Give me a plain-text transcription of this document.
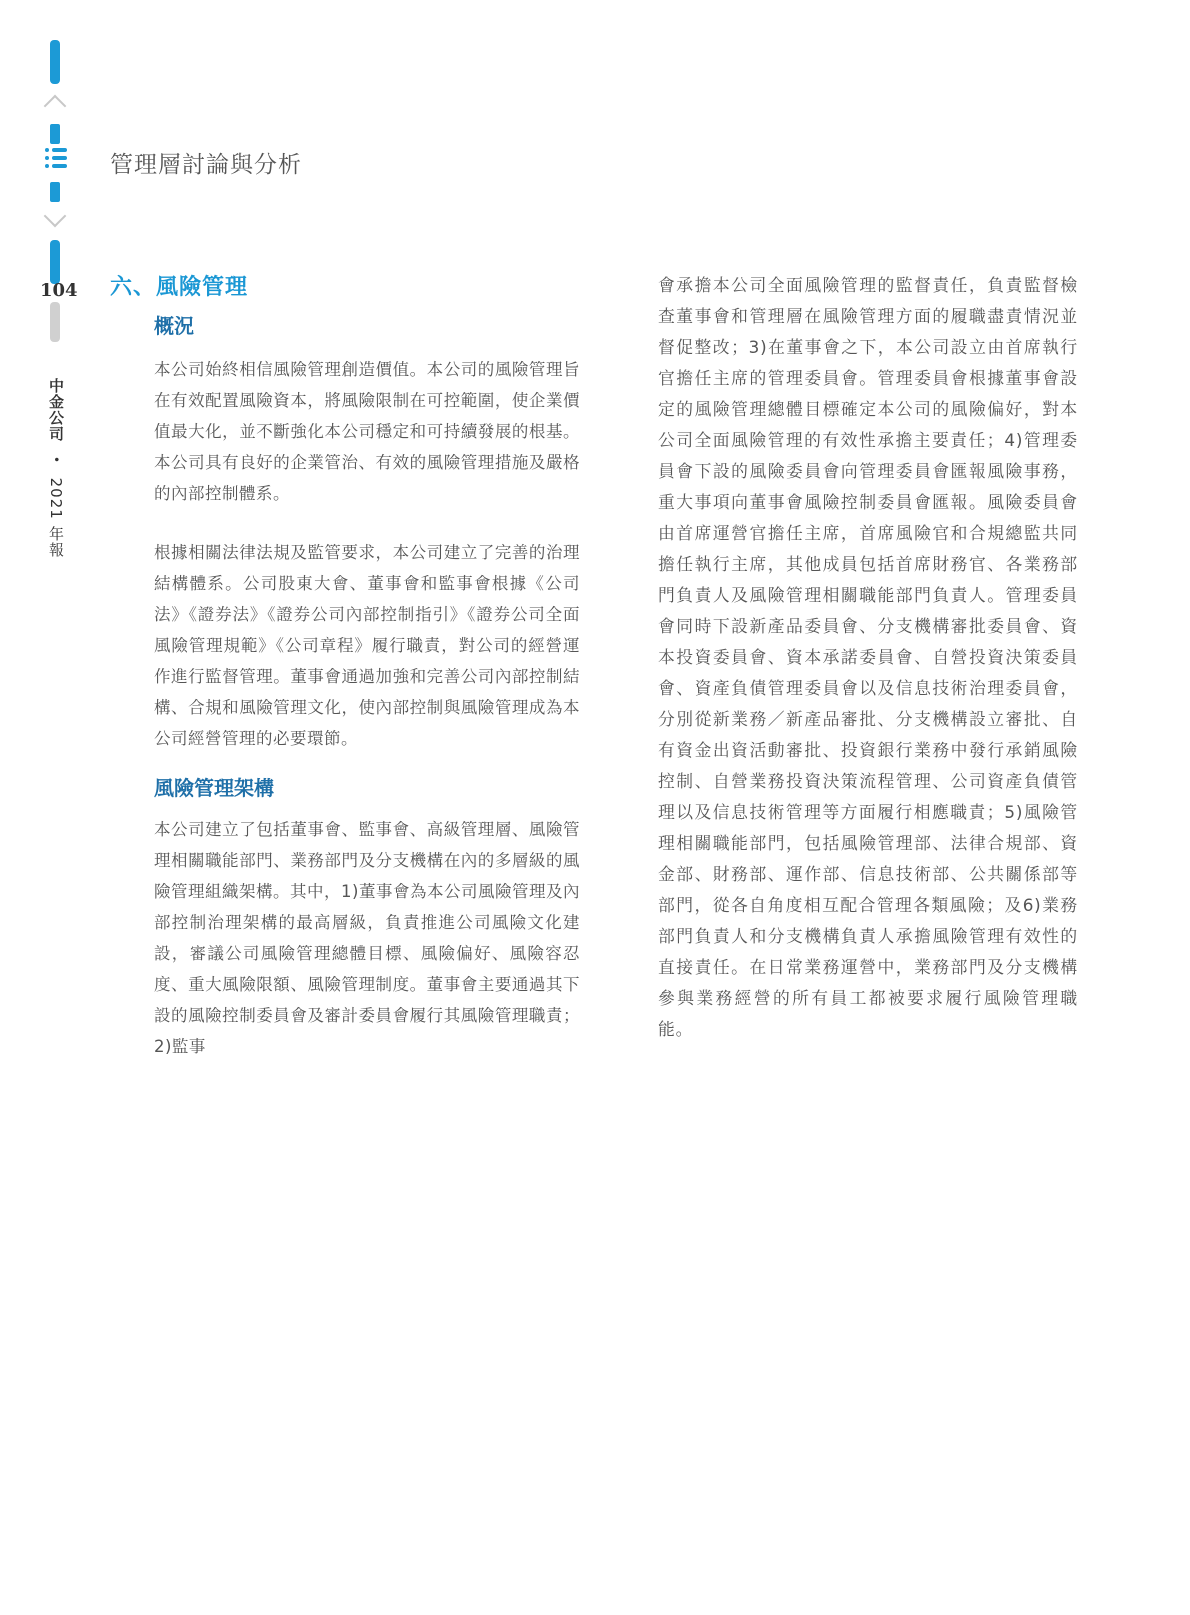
104
中金公司 • 2021 年報
管理層討論與分析
六、風險管理
概況

本公司始終相信風險管理創造價值。本公司的風險管理旨在有效配置風險資本，將風險限制在可控範圍，使企業價值最大化，並不斷強化本公司穩定和可持續發展的根基。本公司具有良好的企業管治、有效的風險管理措施及嚴格的內部控制體系。

根據相關法律法規及監管要求，本公司建立了完善的治理結構體系。公司股東大會、董事會和監事會根據《公司法》《證券法》《證券公司內部控制指引》《證券公司全面風險管理規範》《公司章程》履行職責，對公司的經營運作進行監督管理。董事會通過加強和完善公司內部控制結構、合規和風險管理文化，使內部控制與風險管理成為本公司經營管理的必要環節。

風險管理架構

本公司建立了包括董事會、監事會、高級管理層、風險管理相關職能部門、業務部門及分支機構在內的多層級的風險管理組織架構。其中，1)董事會為本公司風險管理及內部控制治理架構的最高層級，負責推進公司風險文化建設，審議公司風險管理總體目標、風險偏好、風險容忍度、重大風險限額、風險管理制度。董事會主要通過其下設的風險控制委員會及審計委員會履行其風險管理職責；2)監事

會承擔本公司全面風險管理的監督責任，負責監督檢查董事會和管理層在風險管理方面的履職盡責情況並督促整改；3)在董事會之下，本公司設立由首席執行官擔任主席的管理委員會。管理委員會根據董事會設定的風險管理總體目標確定本公司的風險偏好，對本公司全面風險管理的有效性承擔主要責任；4)管理委員會下設的風險委員會向管理委員會匯報風險事務，重大事項向董事會風險控制委員會匯報。風險委員會由首席運營官擔任主席，首席風險官和合規總監共同擔任執行主席，其他成員包括首席財務官、各業務部門負責人及風險管理相關職能部門負責人。管理委員會同時下設新產品委員會、分支機構審批委員會、資本投資委員會、資本承諾委員會、自營投資決策委員會、資產負債管理委員會以及信息技術治理委員會，分別從新業務／新產品審批、分支機構設立審批、自有資金出資活動審批、投資銀行業務中發行承銷風險控制、自營業務投資決策流程管理、公司資產負債管理以及信息技術管理等方面履行相應職責；5)風險管理相關職能部門，包括風險管理部、法律合規部、資金部、財務部、運作部、信息技術部、公共關係部等部門，從各自角度相互配合管理各類風險；及6)業務部門負責人和分支機構負責人承擔風險管理有效性的直接責任。在日常業務運營中，業務部門及分支機構參與業務經營的所有員工都被要求履行風險管理職能。
